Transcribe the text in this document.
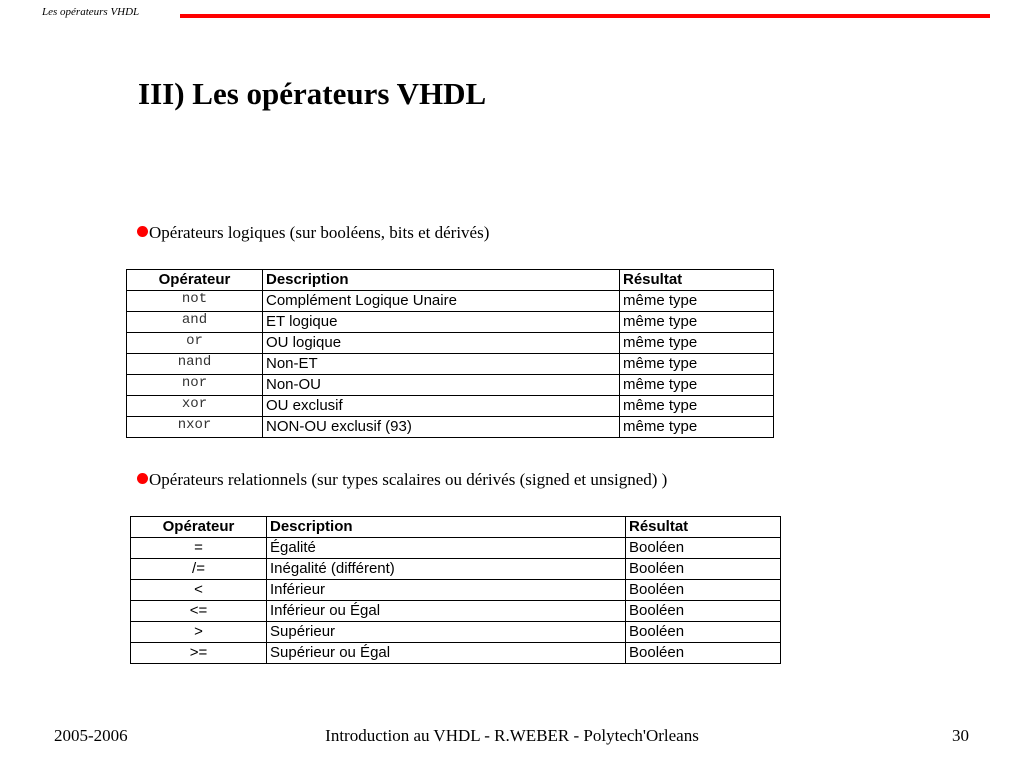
Les opérateurs VHDL
III) Les opérateurs VHDL
Opérateurs logiques (sur booléens, bits et dérivés)
Opérateur	Description	Résultat
not	Complément Logique Unaire	même type
and	ET logique	même type
or	OU logique	même type
nand	Non-ET	même type
nor	Non-OU	même type
xor	OU exclusif	même type
nxor	NON-OU exclusif (93)	même type
Opérateurs relationnels (sur types scalaires ou dérivés (signed et unsigned) )
Opérateur	Description	Résultat
=	Égalité	Booléen
/=	Inégalité (différent)	Booléen
<	Inférieur	Booléen
<=	Inférieur ou Égal	Booléen
>	Supérieur	Booléen
>=	Supérieur ou Égal	Booléen
2005-2006	Introduction au VHDL - R.WEBER - Polytech'Orleans	30
